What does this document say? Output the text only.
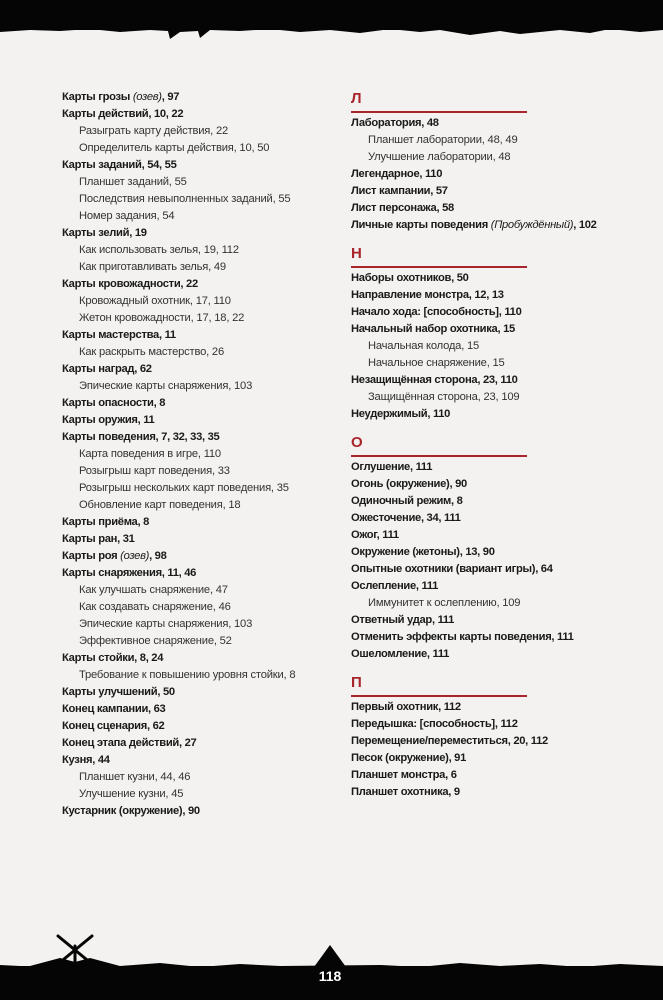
118
Карты грозы (озев), 97
Карты действий, 10, 22
Разыграть карту действия, 22
Определитель карты действия, 10, 50
Карты заданий, 54, 55
Планшет заданий, 55
Последствия невыполненных заданий, 55
Номер задания, 54
Карты зелий, 19
Как использовать зелья, 19, 112
Как приготавливать зелья, 49
Карты кровожадности, 22
Кровожадный охотник, 17, 110
Жетон кровожадности, 17, 18, 22
Карты мастерства, 11
Как раскрыть мастерство, 26
Карты наград, 62
Эпические карты снаряжения, 103
Карты опасности, 8
Карты оружия, 11
Карты поведения, 7, 32, 33, 35
Карта поведения в игре, 110
Розыгрыш карт поведения, 33
Розыгрыш нескольких карт поведения, 35
Обновление карт поведения, 18
Карты приёма, 8
Карты ран, 31
Карты роя (озев), 98
Карты снаряжения, 11, 46
Как улучшать снаряжение, 47
Как создавать снаряжение, 46
Эпические карты снаряжения, 103
Эффективное снаряжение, 52
Карты стойки, 8, 24
Требование к повышению уровня стойки, 8
Карты улучшений, 50
Конец кампании, 63
Конец сценария, 62
Конец этапа действий, 27
Кузня, 44
Планшет кузни, 44, 46
Улучшение кузни, 45
Кустарник (окружение), 90
Л
Лаборатория, 48
Планшет лаборатории, 48, 49
Улучшение лаборатории, 48
Легендарное, 110
Лист кампании, 57
Лист персонажа, 58
Личные карты поведения (Пробуждённый), 102
Н
Наборы охотников, 50
Направление монстра, 12, 13
Начало хода: [способность], 110
Начальный набор охотника, 15
Начальная колода, 15
Начальное снаряжение, 15
Незащищённая сторона, 23, 110
Защищённая сторона, 23, 109
Неудержимый, 110
О
Оглушение, 111
Огонь (окружение), 90
Одиночный режим, 8
Ожесточение, 34, 111
Ожог, 111
Окружение (жетоны), 13, 90
Опытные охотники (вариант игры), 64
Ослепление, 111
Иммунитет к ослеплению, 109
Ответный удар, 111
Отменить эффекты карты поведения, 111
Ошеломление, 111
П
Первый охотник, 112
Передышка: [способность], 112
Перемещение/переместиться, 20, 112
Песок (окружение), 91
Планшет монстра, 6
Планшет охотника, 9
